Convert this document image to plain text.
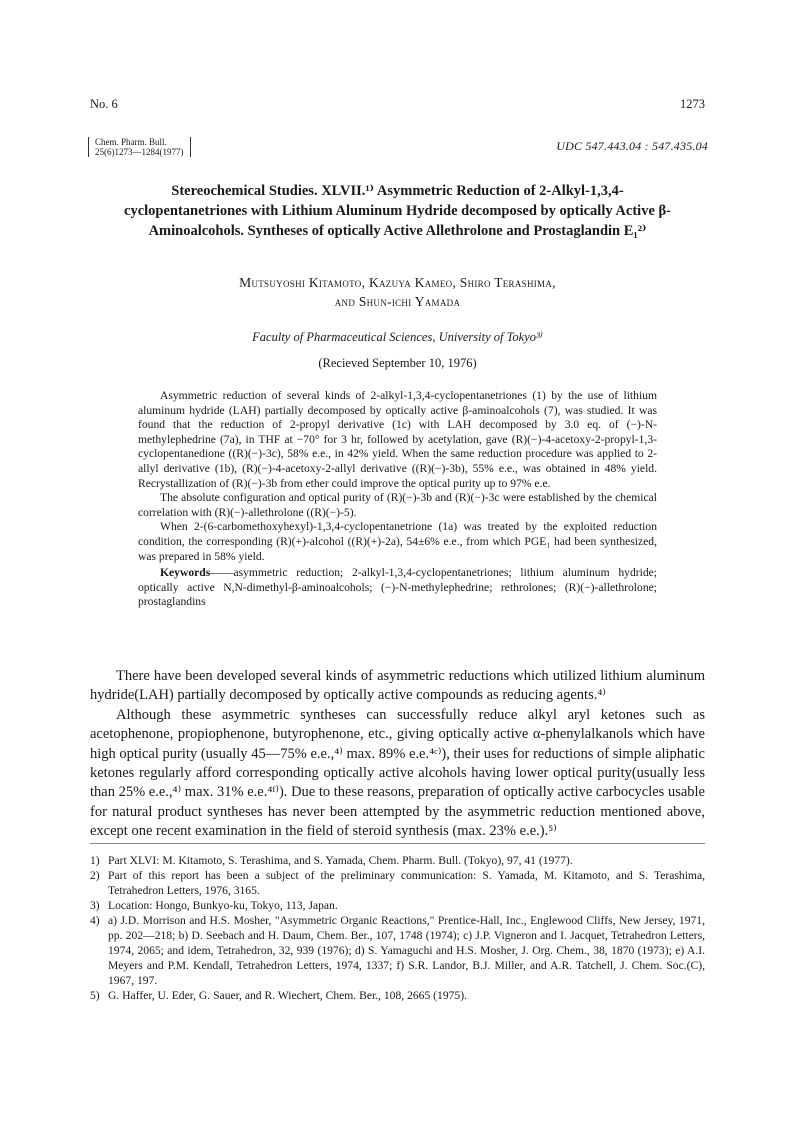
No. 6	1273
Chem. Pharm. Bull.
25(6)1273—1284(1977)	UDC 547.443.04 : 547.435.04
Stereochemical Studies. XLVII.¹⁾ Asymmetric Reduction of 2-Alkyl-1,3,4-cyclopentanetriones with Lithium Aluminum Hydride decomposed by optically Active β-Aminoalcohols. Syntheses of optically Active Allethrolone and Prostaglandin E₁²⁾
Mutsuyoshi Kitamoto, Kazuya Kameo, Shiro Terashima,
and Shun-ichi Yamada
Faculty of Pharmaceutical Sciences, University of Tokyo³⁾
(Recieved September 10, 1976)

Asymmetric reduction of several kinds of 2-alkyl-1,3,4-cyclopentanetriones (1) by the use of lithium aluminum hydride (LAH) partially decomposed by optically active β-aminoalcohols (7), was studied. It was found that the reduction of 2-propyl derivative (1c) with LAH decomposed by 3.0 eq. of (−)-N-methylephedrine (7a), in THF at −70° for 3 hr, followed by acetylation, gave (R)(−)-4-acetoxy-2-propyl-1,3-cyclopentanedione ((R)(−)-3c), 58% e.e., in 42% yield. When the same reduction procedure was applied to 2-allyl derivative (1b), (R)(−)-4-acetoxy-2-allyl derivative ((R)(−)-3b), 55% e.e., was obtained in 48% yield. Recrystallization of (R)(−)-3b from ether could improve the optical purity up to 97% e.e.

The absolute configuration and optical purity of (R)(−)-3b and (R)(−)-3c were established by the chemical correlation with (R)(−)-allethrolone ((R)(−)-5).

When 2-(6-carbomethoxyhexyl)-1,3,4-cyclopentanetrione (1a) was treated by the exploited reduction condition, the corresponding (R)(+)-alcohol ((R)(+)-2a), 54±6% e.e., from which PGE₁ had been synthesized, was prepared in 58% yield.

Keywords——asymmetric reduction; 2-alkyl-1,3,4-cyclopentanetriones; lithium aluminum hydride; optically active N,N-dimethyl-β-aminoalcohols; (−)-N-methylephedrine; rethrolones; (R)(−)-allethrolone; prostaglandins

There have been developed several kinds of asymmetric reductions which utilized lithium aluminum hydride(LAH) partially decomposed by optically active compounds as reducing agents.⁴⁾

Although these asymmetric syntheses can successfully reduce alkyl aryl ketones such as acetophenone, propiophenone, butyrophenone, etc., giving optically active α-phenylalkanols which have high optical purity (usually 45—75% e.e.,⁴⁾ max. 89% e.e.⁴ᶜ⁾), their uses for reductions of simple aliphatic ketones regularly afford corresponding optically active alcohols having lower optical purity(usually less than 25% e.e.,⁴⁾ max. 31% e.e.⁴ᶠ⁾). Due to these reasons, preparation of optically active carbocycles usable for natural product syntheses has never been attempted by the asymmetric reduction mentioned above, except one recent examination in the field of steroid synthesis (max. 23% e.e.).⁵⁾

1) Part XLVI: M. Kitamoto, S. Terashima, and S. Yamada, Chem. Pharm. Bull. (Tokyo), 97, 41 (1977).
2) Part of this report has been a subject of the preliminary communication: S. Yamada, M. Kitamoto, and S. Terashima, Tetrahedron Letters, 1976, 3165.
3) Location: Hongo, Bunkyo-ku, Tokyo, 113, Japan.
4) a) J.D. Morrison and H.S. Mosher, "Asymmetric Organic Reactions," Prentice-Hall, Inc., Englewood Cliffs, New Jersey, 1971, pp. 202—218; b) D. Seebach and H. Daum, Chem. Ber., 107, 1748 (1974); c) J.P. Vigneron and I. Jacquet, Tetrahedron Letters, 1974, 2065; and idem, Tetrahedron, 32, 939 (1976); d) S. Yamaguchi and H.S. Mosher, J. Org. Chem., 38, 1870 (1973); e) A.I. Meyers and P.M. Kendall, Tetrahedron Letters, 1974, 1337; f) S.R. Landor, B.J. Miller, and A.R. Tatchell, J. Chem. Soc.(C), 1967, 197.
5) G. Haffer, U. Eder, G. Sauer, and R. Wiechert, Chem. Ber., 108, 2665 (1975).
